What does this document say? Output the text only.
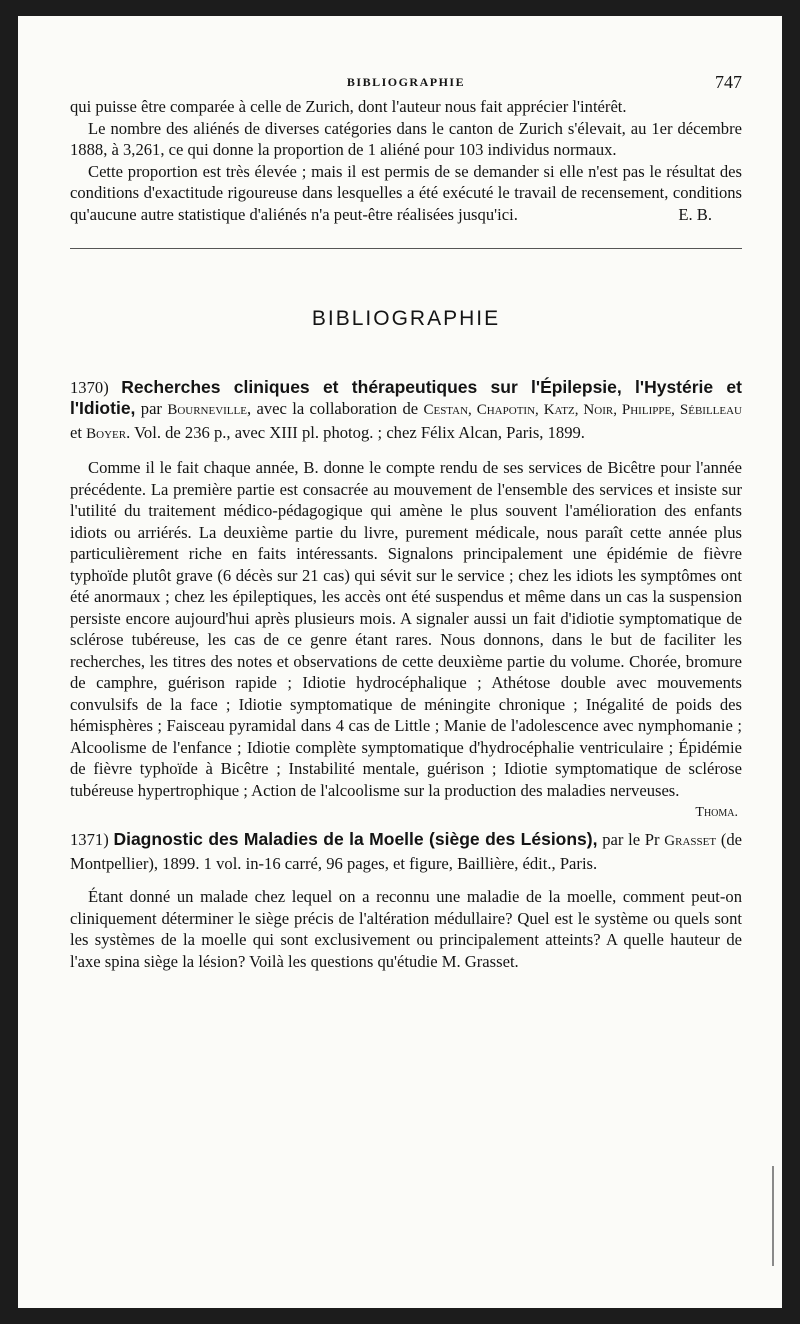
BIBLIOGRAPHIE	747

qui puisse être comparée à celle de Zurich, dont l'auteur nous fait apprécier l'intérêt.

Le nombre des aliénés de diverses catégories dans le canton de Zurich s'élevait, au 1er décembre 1888, à 3,261, ce qui donne la proportion de 1 aliéné pour 103 individus normaux.

Cette proportion est très élevée ; mais il est permis de se demander si elle n'est pas le résultat des conditions d'exactitude rigoureuse dans lesquelles a été exécuté le travail de recensement, conditions qu'aucune autre statistique d'aliénés n'a peut-être réalisées jusqu'ici.	E. B.

BIBLIOGRAPHIE
1370) Recherches cliniques et thérapeutiques sur l'Épilepsie, l'Hystérie et l'Idiotie, par Bourneville, avec la collaboration de Cestan, Chapotin, Katz, Noir, Philippe, Sébilleau et Boyer. Vol. de 236 p., avec XIII pl. photog. ; chez Félix Alcan, Paris, 1899.

Comme il le fait chaque année, B. donne le compte rendu de ses services de Bicêtre pour l'année précédente. La première partie est consacrée au mouvement de l'ensemble des services et insiste sur l'utilité du traitement médico-pédagogique qui amène le plus souvent l'amélioration des enfants idiots ou arriérés. La deuxième partie du livre, purement médicale, nous paraît cette année plus particulièrement riche en faits intéressants. Signalons principalement une épidémie de fièvre typhoïde plutôt grave (6 décès sur 21 cas) qui sévit sur le service ; chez les idiots les symptômes ont été anormaux ; chez les épileptiques, les accès ont été suspendus et même dans un cas la suspension persiste encore aujourd'hui après plusieurs mois. A signaler aussi un fait d'idiotie symptomatique de sclérose tubéreuse, les cas de ce genre étant rares. Nous donnons, dans le but de faciliter les recherches, les titres des notes et observations de cette deuxième partie du volume. Chorée, bromure de camphre, guérison rapide ; Idiotie hydrocéphalique ; Athétose double avec mouvements convulsifs de la face ; Idiotie symptomatique de méningite chronique ; Inégalité de poids des hémisphères ; Faisceau pyramidal dans 4 cas de Little ; Manie de l'adolescence avec nymphomanie ; Alcoolisme de l'enfance ; Idiotie complète symptomatique d'hydrocéphalie ventriculaire ; Épidémie de fièvre typhoïde à Bicêtre ; Instabilité mentale, guérison ; Idiotie symptomatique de sclérose tubéreuse hypertrophique ; Action de l'alcoolisme sur la production des maladies nerveuses.

Thoma.
1371) Diagnostic des Maladies de la Moelle (siège des Lésions), par le Pr Grasset (de Montpellier), 1899. 1 vol. in-16 carré, 96 pages, et figure, Baillière, édit., Paris.

Étant donné un malade chez lequel on a reconnu une maladie de la moelle, comment peut-on cliniquement déterminer le siège précis de l'altération médullaire? Quel est le système ou quels sont les systèmes de la moelle qui sont exclusivement ou principalement atteints? A quelle hauteur de l'axe spina siège la lésion? Voilà les questions qu'étudie M. Grasset.
